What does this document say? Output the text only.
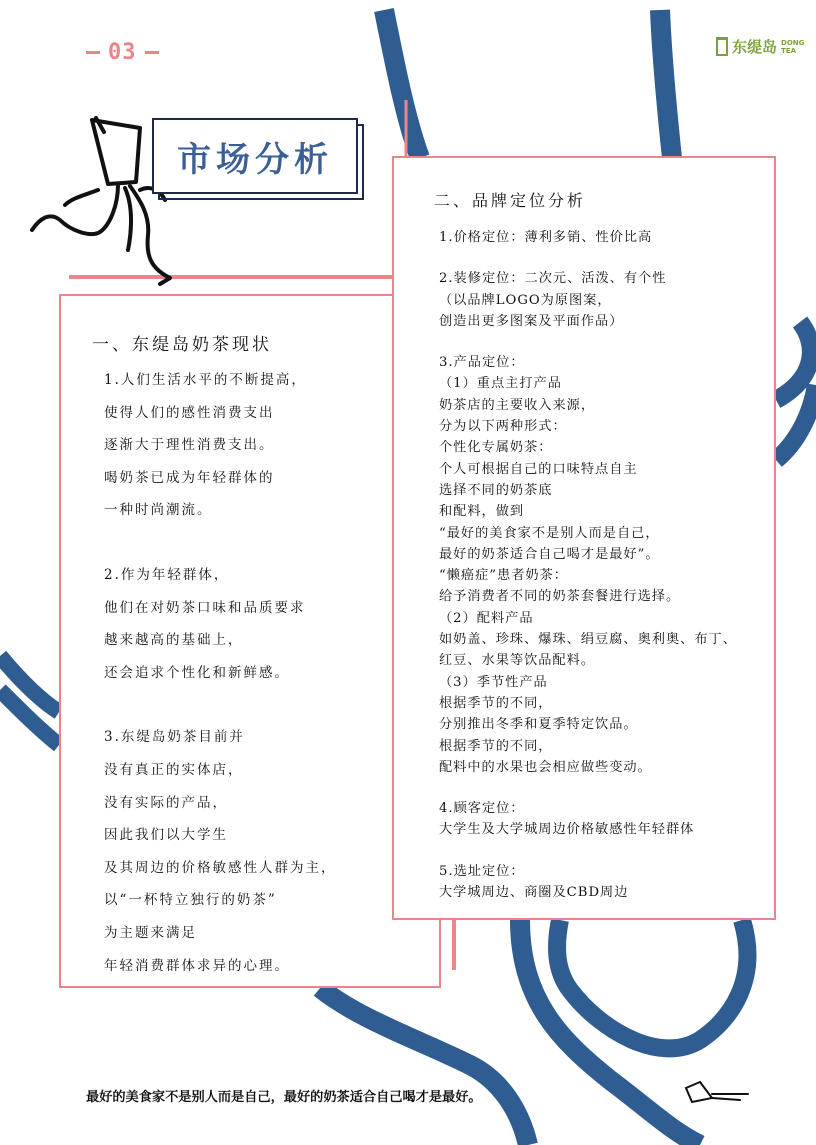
03	东缇岛 DONG
TEA
市场分析
一、东缇岛奶茶现状
1.人们生活水平的不断提高，
使得人们的感性消费支出
逐渐大于理性消费支出。
喝奶茶已成为年轻群体的
一种时尚潮流。
2.作为年轻群体，
他们在对奶茶口味和品质要求
越来越高的基础上，
还会追求个性化和新鲜感。
3.东缇岛奶茶目前并
没有真正的实体店，
没有实际的产品，
因此我们以大学生
及其周边的价格敏感性人群为主，
以“一杯特立独行的奶茶”
为主题来满足
年轻消费群体求异的心理。
二、品牌定位分析
1.价格定位：薄利多销、性价比高
2.装修定位：二次元、活泼、有个性
（以品牌LOGO为原图案，
创造出更多图案及平面作品）
3.产品定位：
（1）重点主打产品
奶茶店的主要收入来源，
分为以下两种形式：
个性化专属奶茶：
个人可根据自己的口味特点自主
选择不同的奶茶底
和配料，做到
“最好的美食家不是别人而是自己，
最好的奶茶适合自己喝才是最好”。
“懒癌症”患者奶茶：
给予消费者不同的奶茶套餐进行选择。
（2）配料产品
如奶盖、珍珠、爆珠、绢豆腐、奥利奥、布丁、
红豆、水果等饮品配料。
（3）季节性产品
根据季节的不同，
分别推出冬季和夏季特定饮品。
根据季节的不同，
配料中的水果也会相应做些变动。
4.顾客定位：
大学生及大学城周边价格敏感性年轻群体
5.选址定位：
大学城周边、商圈及CBD周边
最好的美食家不是别人而是自己，最好的奶茶适合自己喝才是最好。
